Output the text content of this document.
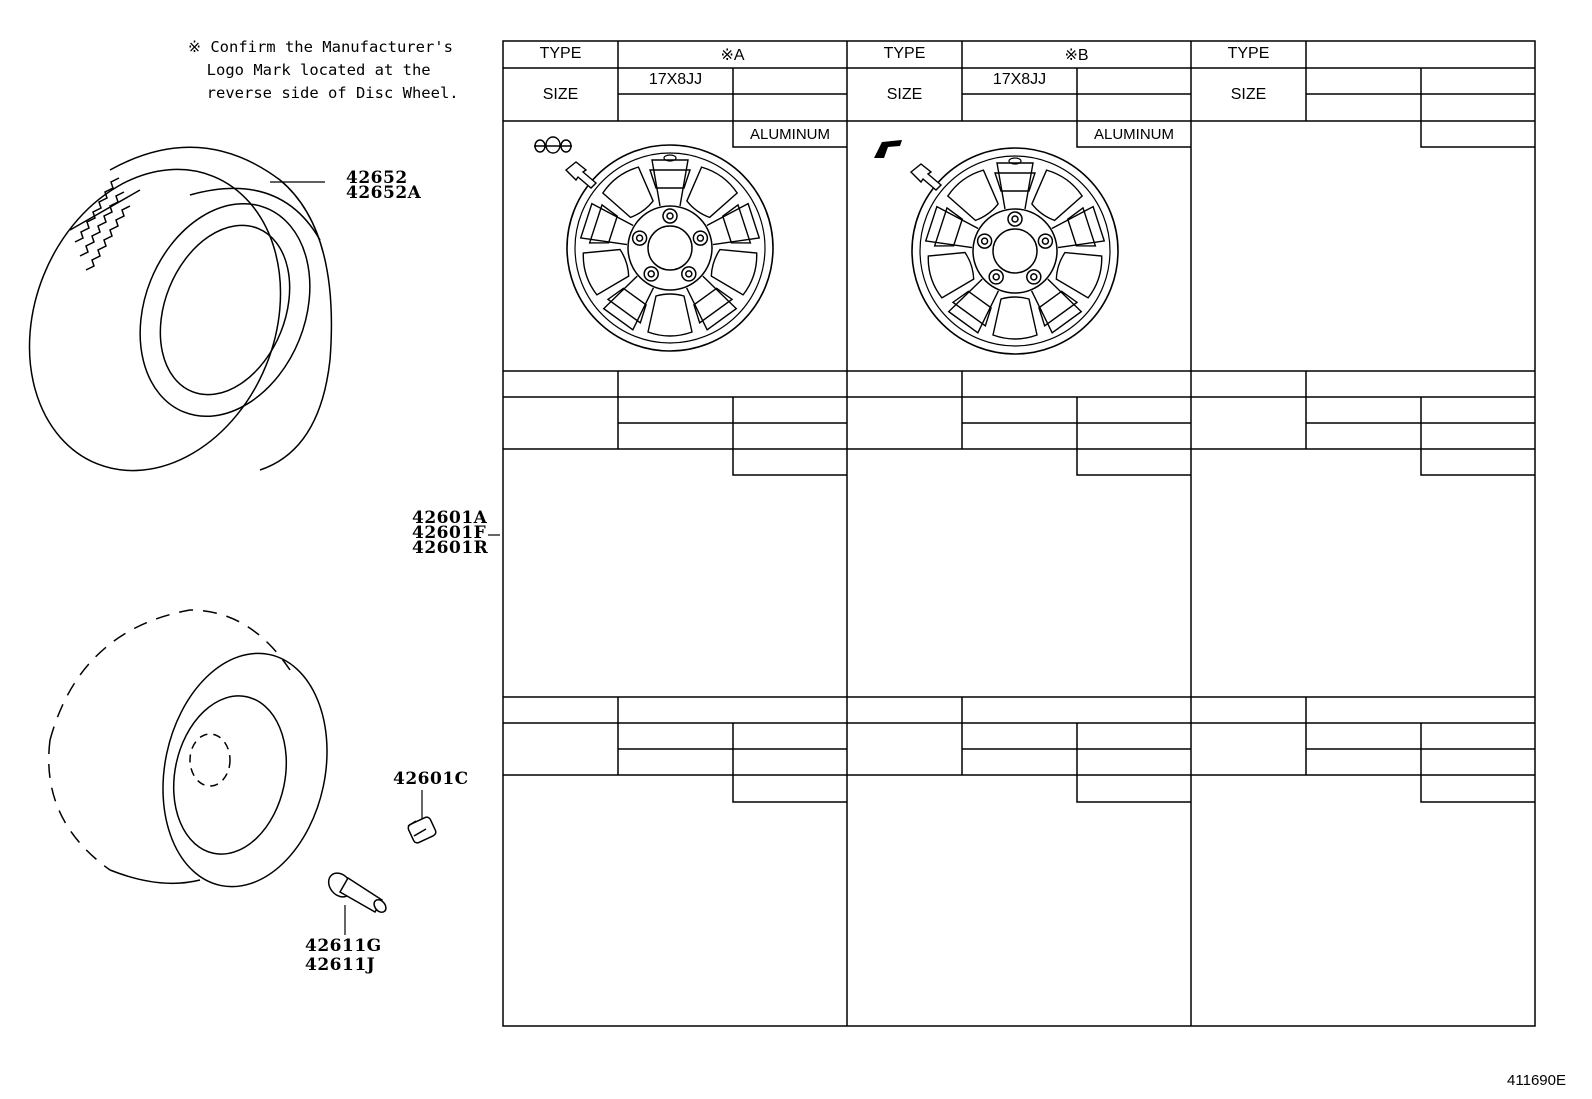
※ Confirm the Manufacturer's
Logo Mark located at the
reverse side of Disc Wheel.
42652
42652A
42601A
42601F
42601R
42601C
42611G
42611J
TYPE	※A
SIZE
17X8JJ
ALUMINUM
TYPE	※B
SIZE
17X8JJ
ALUMINUM
TYPE
SIZE
411690E
